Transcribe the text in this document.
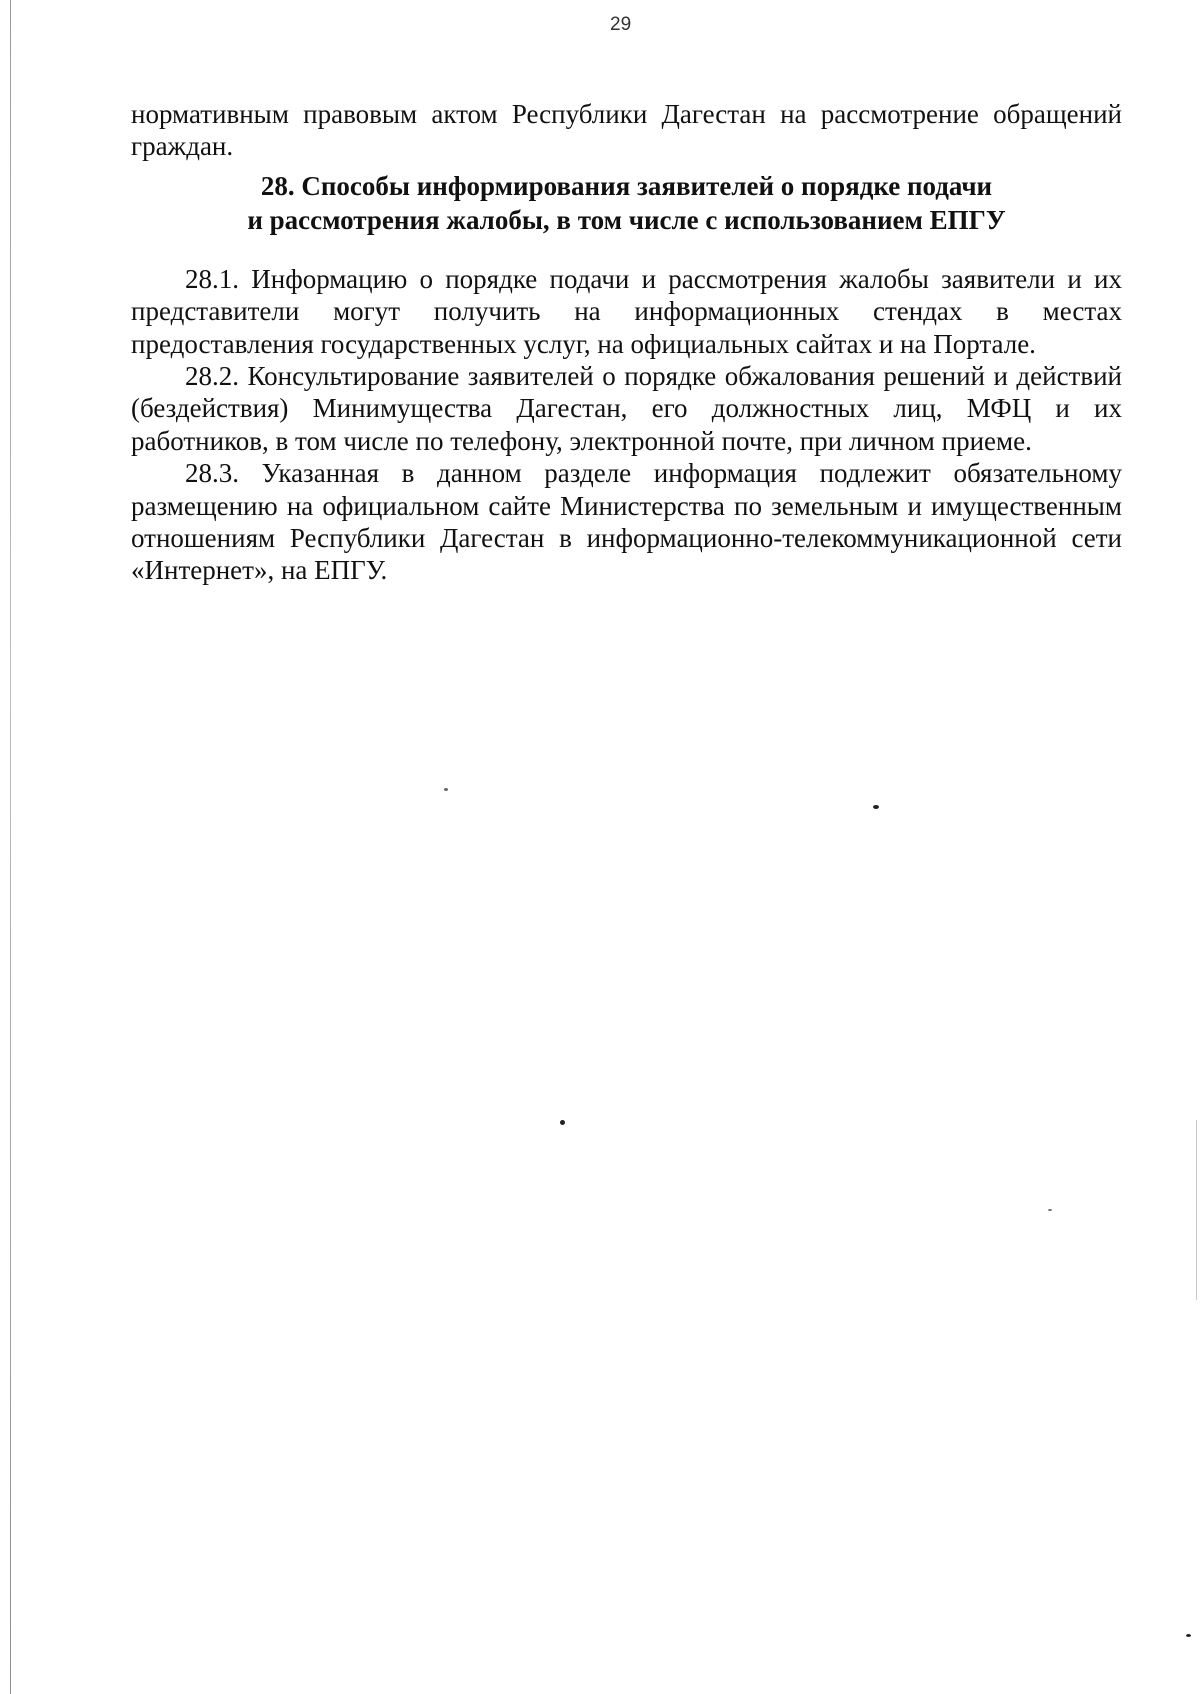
29

нормативным правовым актом Республики Дагестан на рассмотрение обращений граждан.

28. Способы информирования заявителей о порядке подачи
и рассмотрения жалобы, в том числе с использованием ЕПГУ

28.1. Информацию о порядке подачи и рассмотрения жалобы заявители и их представители могут получить на информационных стендах в местах предоставления государственных услуг, на официальных сайтах и на Портале.

28.2. Консультирование заявителей о порядке обжалования решений и действий (бездействия) Минимущества Дагестан, его должностных лиц, МФЦ и их работников, в том числе по телефону, электронной почте, при личном приеме.

28.3. Указанная в данном разделе информация подлежит обязательному размещению на официальном сайте Министерства по земельным и имущественным отношениям Республики Дагестан в информационно-телекоммуникационной сети «Интернет», на ЕПГУ.
